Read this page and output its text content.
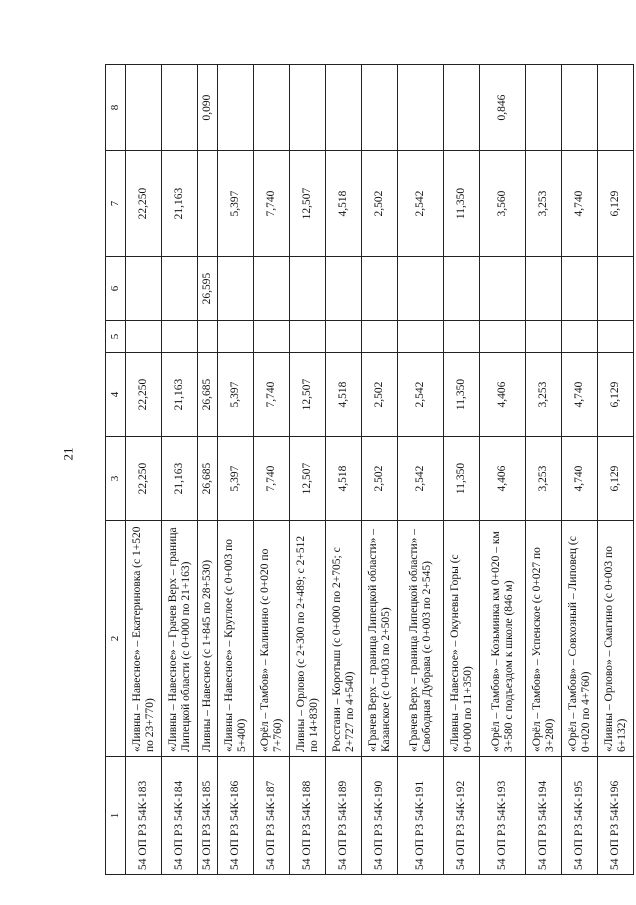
21
1	2	3	4	5	6	7	8
54 ОП РЗ 54К-183	«Ливны – Навесное» – Екатериновка (с 1+520 по 23+770)	22,250	22,250			22,250	
54 ОП РЗ 54К-184	«Ливны – Навесное» – Грачев Верх – граница Липецкой области (с 0+000 по 21+163)	21,163	21,163			21,163	
54 ОП РЗ 54К-185	Ливны – Навесное (с 1+845 по 28+530)	26,685	26,685		26,595		0,090
54 ОП РЗ 54К-186	«Ливны – Навесное» – Круглое (с 0+003 по 5+400)	5,397	5,397			5,397	
54 ОП РЗ 54К-187	«Орёл – Тамбов» – Калинино (с 0+020 по 7+760)	7,740	7,740			7,740	
54 ОП РЗ 54К-188	Ливны – Орлово (с 2+300 по 2+489; с 2+512 по 14+830)	12,507	12,507			12,507	
54 ОП РЗ 54К-189	Росстани – Коротыш (с 0+000 по 2+705; с 2+727 по 4+540)	4,518	4,518			4,518	
54 ОП РЗ 54К-190	«Грачев Верх – граница Липецкой области» – Казанское (с 0+003 по 2+505)	2,502	2,502			2,502	
54 ОП РЗ 54К-191	«Грачев Верх – граница Липецкой области» – Свободная Дубрава (с 0+003 по 2+545)	2,542	2,542			2,542	
54 ОП РЗ 54К-192	«Ливны – Навесное» – Окуневы Горы (с 0+000 по 11+350)	11,350	11,350			11,350	
54 ОП РЗ 54К-193	«Орёл – Тамбов» – Козьминка км 0+020 – км 3+580 с подъездом к школе (846 м)	4,406	4,406			3,560	0,846
54 ОП РЗ 54К-194	«Орёл – Тамбов» – Успенское (с 0+027 по 3+280)	3,253	3,253			3,253	
54 ОП РЗ 54К-195	«Орёл – Тамбов» – Совхозный – Липовец (с 0+020 по 4+760)	4,740	4,740			4,740	
54 ОП РЗ 54К-196	«Ливны – Орлово» – Смагино (с 0+003 по 6+132)	6,129	6,129			6,129	
